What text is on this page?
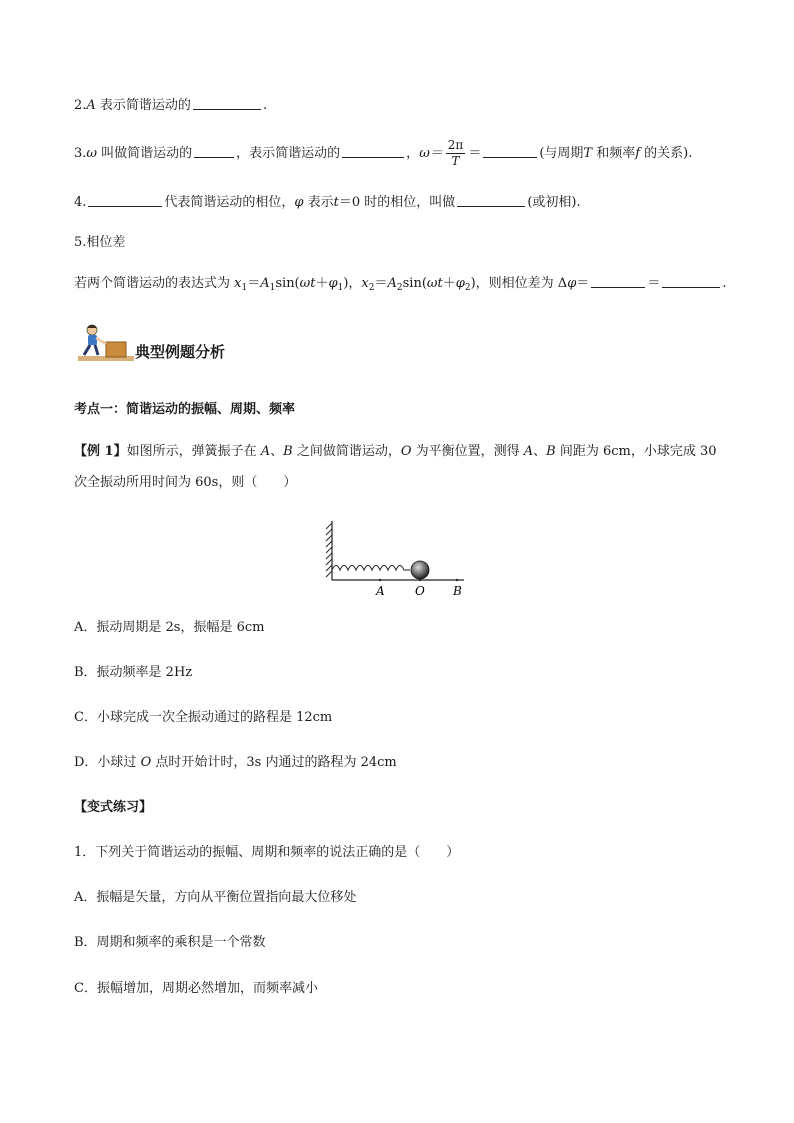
2.A 表示简谐运动的	.
3.ω 叫做简谐运动的	，表示简谐运动的	，$\omega= \frac{2\pi}{T}$ ＝	(与周期T 和频率f 的关系).
4.	代表简谐运动的相位，φ 表示t＝0 时的相位，叫做	(或初相).
5.相位差
若两个简谐运动的表达式为 $x_1=A_1\sin(\omega t+\varphi_1)$，$x_2=A_2\sin(\omega t+\varphi_2)$，则相位差为 Δφ＝	＝	.
典型例题分析
考点一：简谐运动的振幅、周期、频率
【例 1】如图所示，弹簧振子在 A、B 之间做简谐运动，O 为平衡位置，测得 A、B 间距为 6cm，小球完成 30
次全振动所用时间为 60s，则（　　）
A	O B
A．振动周期是 2s，振幅是 6cm
B．振动频率是 2Hz
C．小球完成一次全振动通过的路程是 12cm
D．小球过 O 点时开始计时，3s 内通过的路程为 24cm
【变式练习】
1．下列关于简谐运动的振幅、周期和频率的说法正确的是（　　）
A．振幅是矢量，方向从平衡位置指向最大位移处
B．周期和频率的乘积是一个常数
C．振幅增加，周期必然增加，而频率减小
